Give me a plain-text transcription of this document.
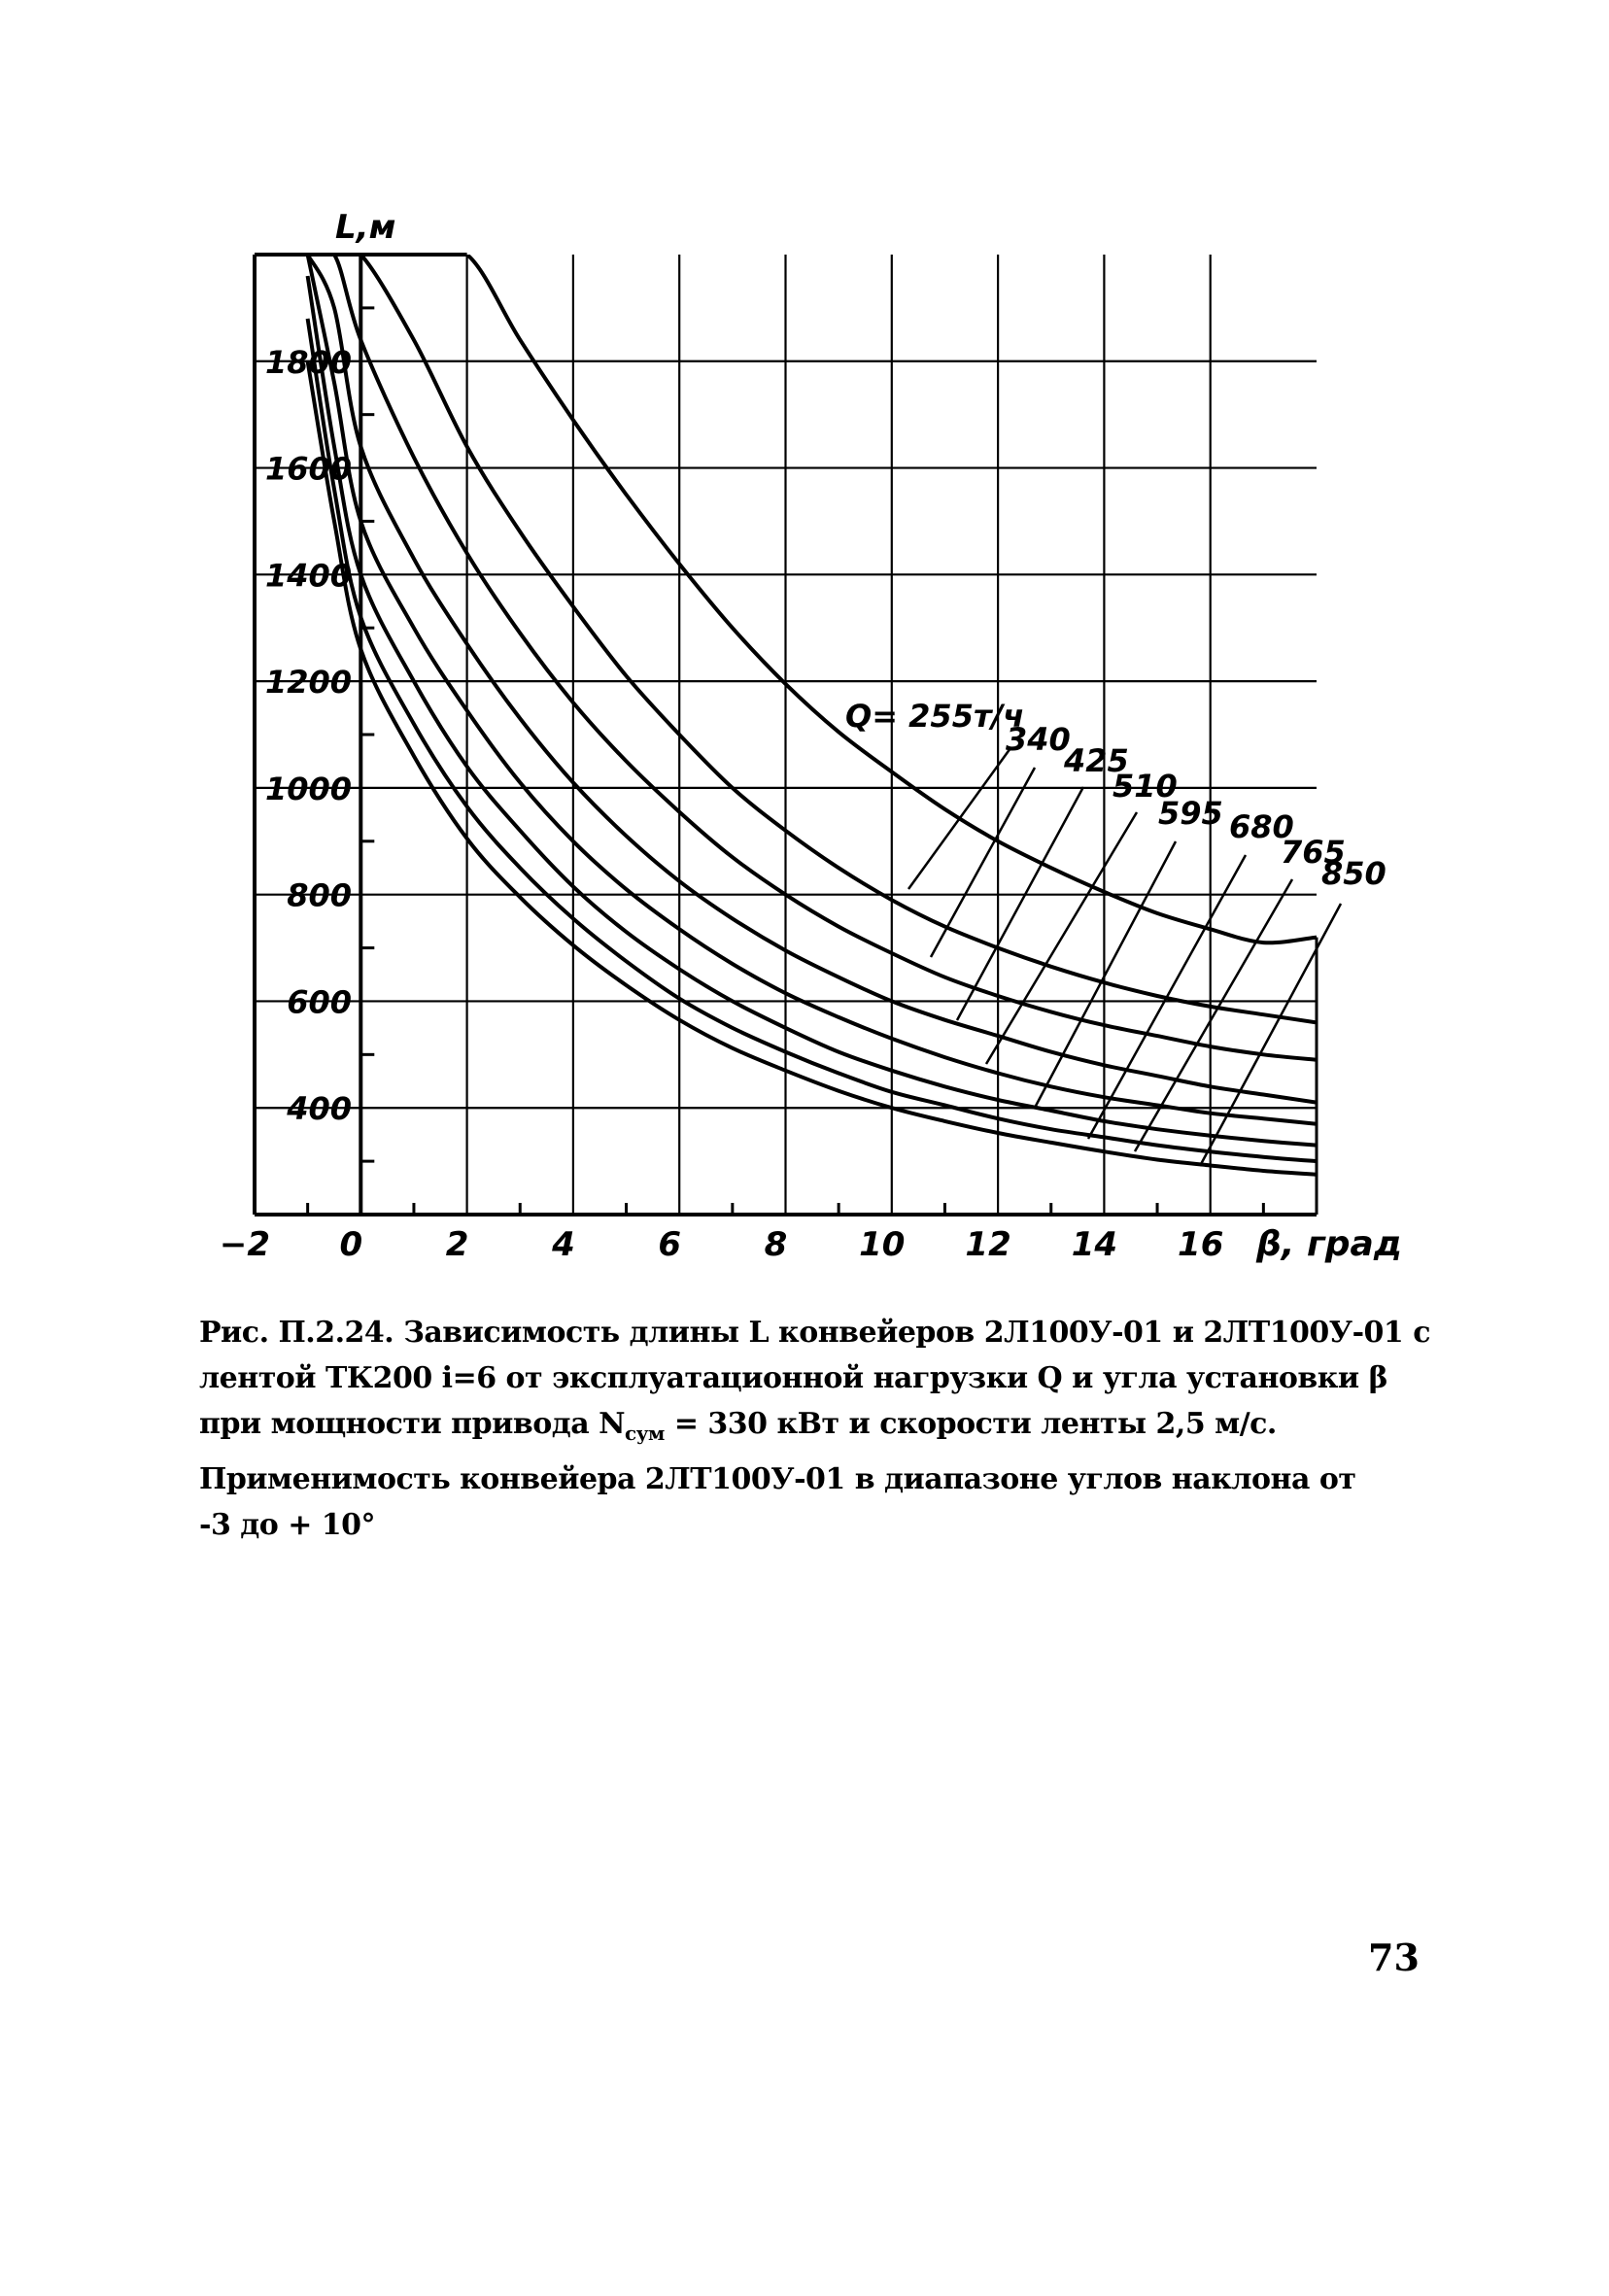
−2 0	2	4	6	8 10 12 14 16
1800
1600
1400
1200
1000
800
600
400
Q= 255т/ч
340
425
510
595 680
765
850
L,м
β, град
Рис. П.2.24. Зависимость длины L конвейеров 2Л100У-01 и 2ЛТ100У-01 с
лентой ТК200 i=6 от эксплуатационной нагрузки Q и угла установки β
при мощности привода $N_{сум} = 330$ кВт и скорости ленты 2,5 м/с.
Применимость конвейера 2ЛТ100У-01 в диапазоне углов наклона от
-3 до + 10°
73
